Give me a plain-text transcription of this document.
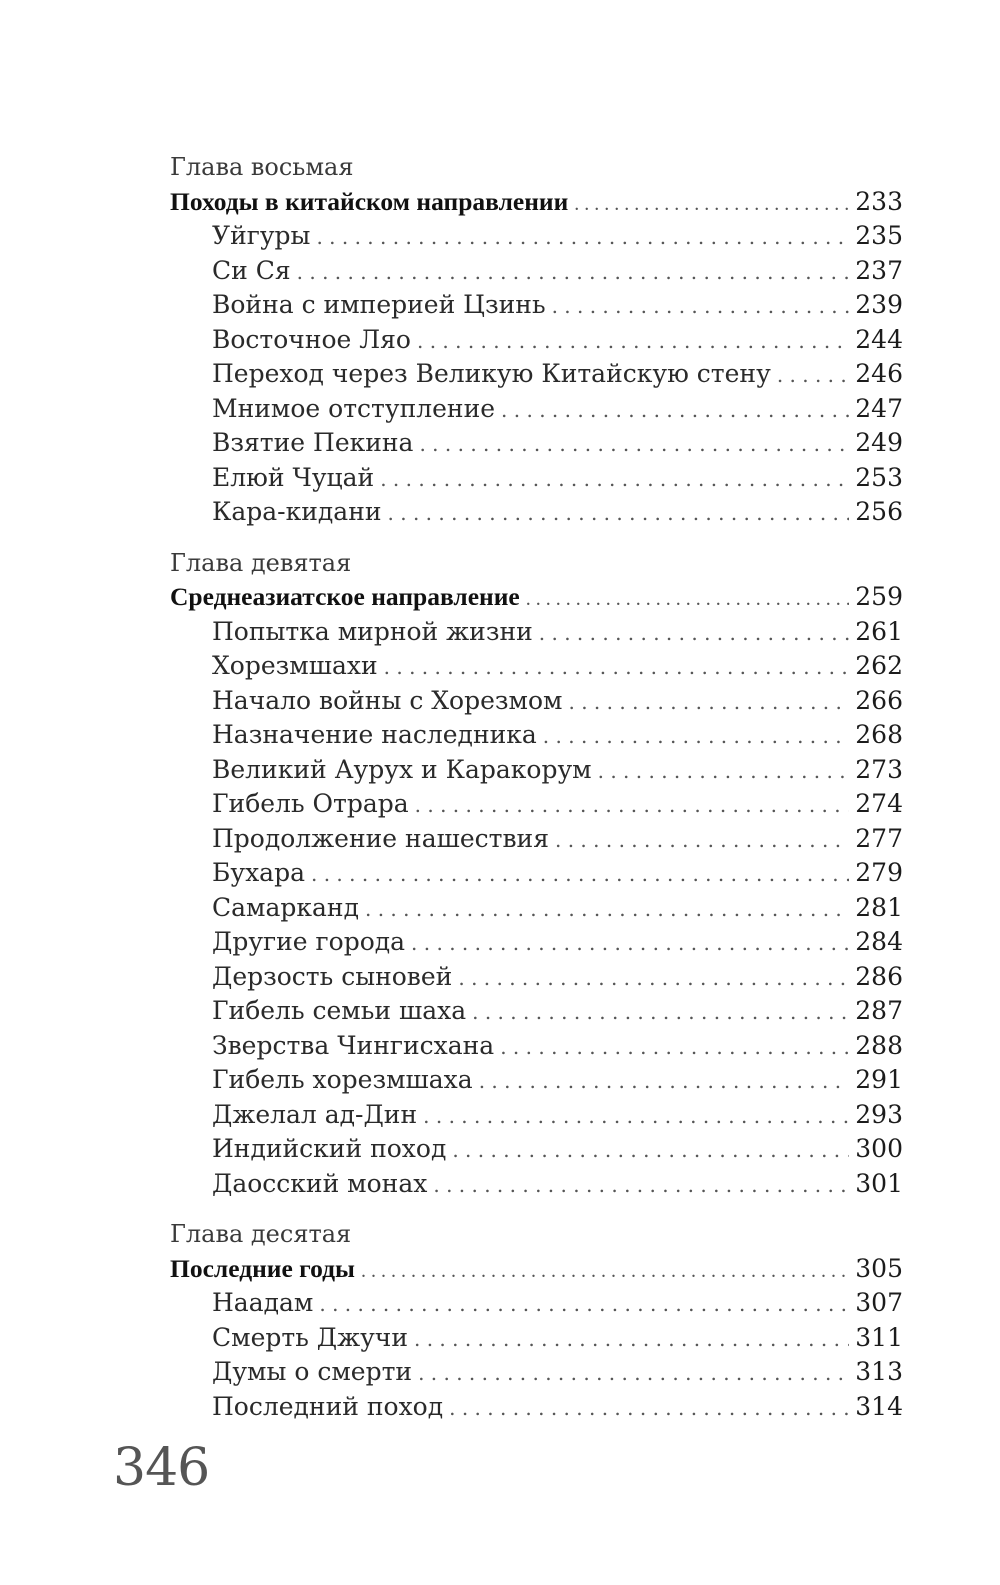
Глава восьмая
Походы в китайском направлении . . .	233
Уйгуры . . .	235
Си Ся . . .	237
Война с империей Цзинь . . .	239
Восточное Ляо . . .	244
Переход через Великую Китайскую стену . . .	246
Мнимое отступление . . .	247
Взятие Пекина . . .	249
Елюй Чуцай . . .	253
Кара-кидани . . .	256
Глава девятая
Среднеазиатское направление . . .	259
Попытка мирной жизни . . .	261
Хорезмшахи . . .	262
Начало войны с Хорезмом . . .	266
Назначение наследника . . .	268
Великий Аурух и Каракорум . . .	273
Гибель Отрара . . .	274
Продолжение нашествия . . .	277
Бухара . . .	279
Самарканд . . .	281
Другие города . . .	284
Дерзость сыновей . . .	286
Гибель семьи шаха . . .	287
Зверства Чингисхана . . .	288
Гибель хорезмшаха . . .	291
Джелал ад-Дин . . .	293
Индийский поход . . .	300
Даосский монах . . .	301
Глава десятая
Последние годы . . .	305
Наадам . . .	307
Смерть Джучи . . .	311
Думы о смерти . . .	313
Последний поход . . .	314
346
